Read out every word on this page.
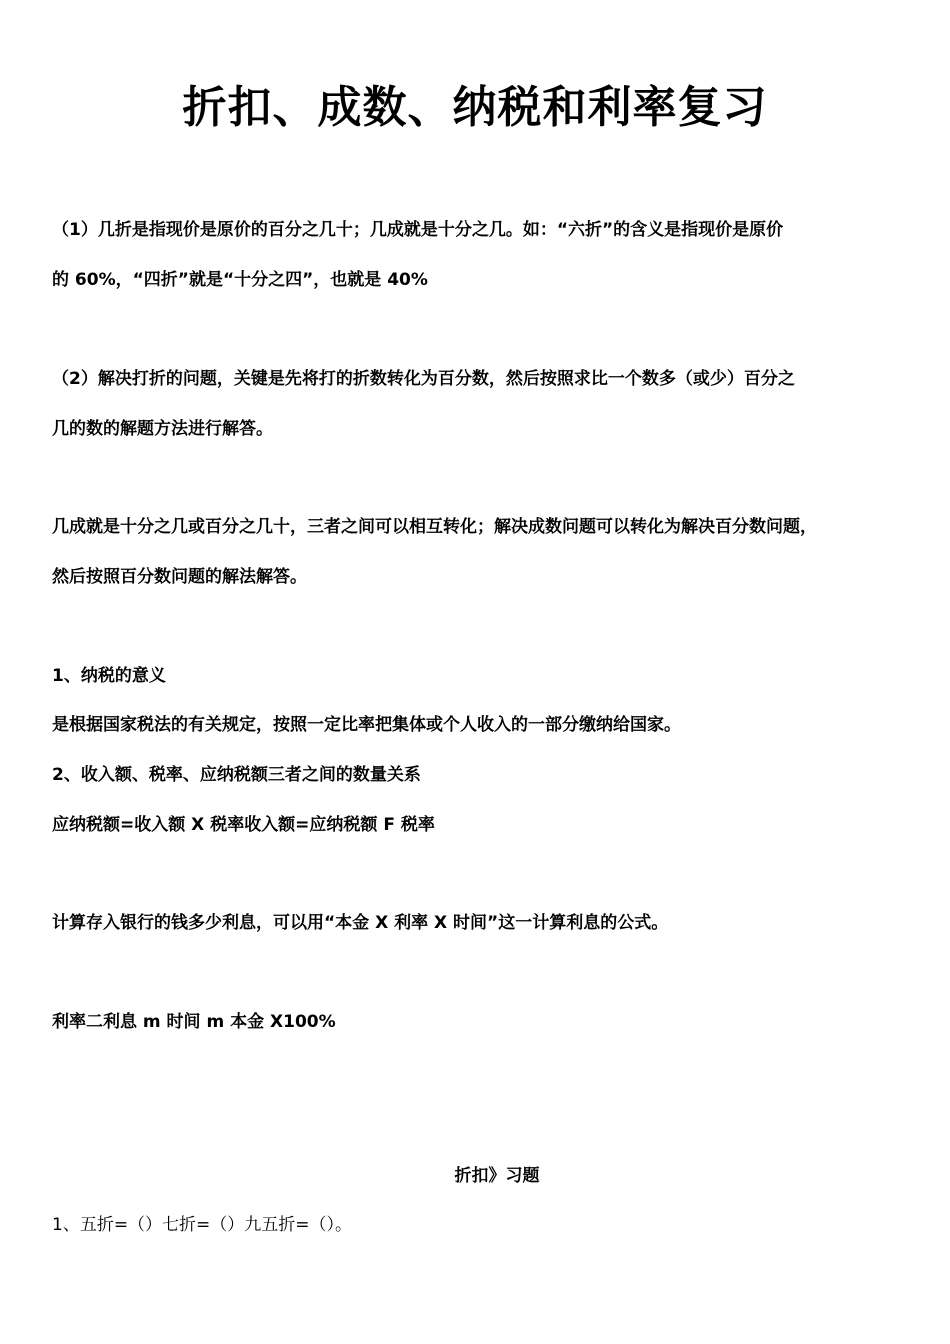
折扣、成数、纳税和利率复习
（1）几折是指现价是原价的百分之几十；几成就是十分之几。如：“六折”的含义是指现价是原价
的 60%，“四折”就是“十分之四”，也就是 40%
（2）解决打折的问题，关键是先将打的折数转化为百分数，然后按照求比一个数多（或少）百分之
几的数的解题方法进行解答。
几成就是十分之几或百分之几十，三者之间可以相互转化；解决成数问题可以转化为解决百分数问题，
然后按照百分数问题的解法解答。
1、纳税的意义
是根据国家税法的有关规定，按照一定比率把集体或个人收入的一部分缴纳给国家。
2、收入额、税率、应纳税额三者之间的数量关系
应纳税额=收入额 X 税率收入额=应纳税额 F 税率
计算存入银行的钱多少利息，可以用“本金 X 利率 X 时间”这一计算利息的公式。
利率二利息 m 时间 m 本金 X100%
折扣》习题
1、五折=（）七折=（）九五折=（）。
